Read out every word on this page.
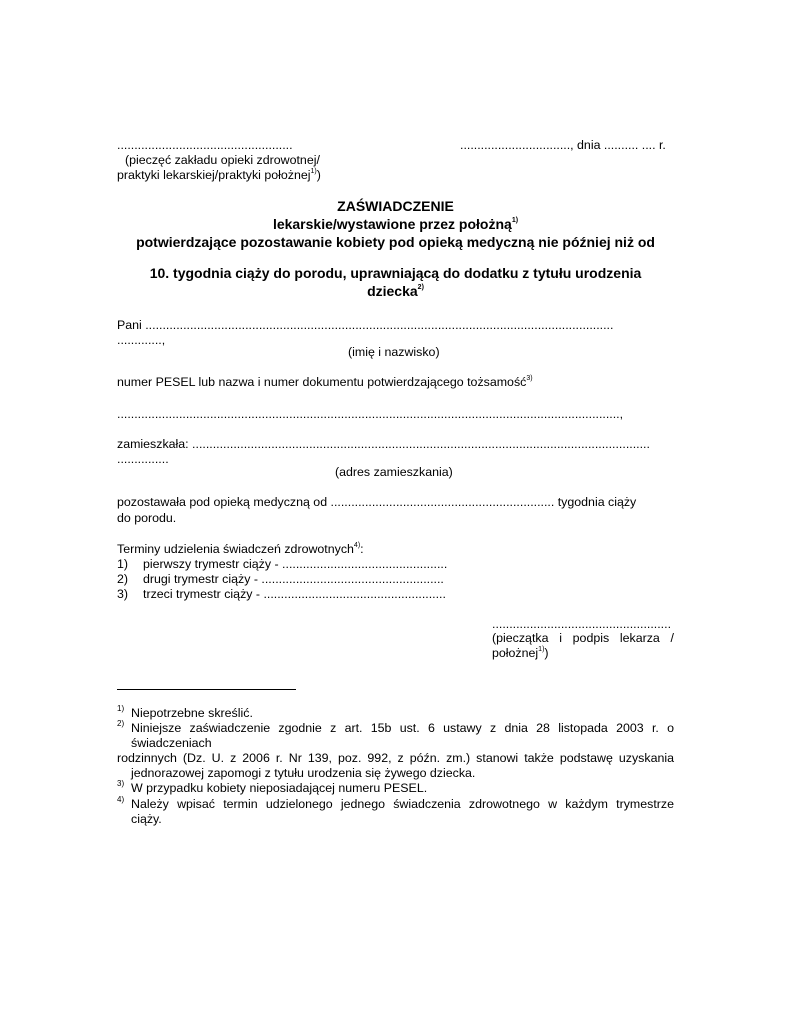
...................................................
(pieczęć zakładu opieki zdrowotnej/
praktyki lekarskiej/praktyki położnej$^{1)}$)
................................, dnia .......... .... r.
ZAŚWIADCZENIE
lekarskie/wystawione przez położną$^{1)}$
potwierdzające pozostawanie kobiety pod opieką medyczną nie później niż od
10. tygodnia ciąży do porodu, uprawniającą do dodatku z tytułu urodzenia
dziecka$^{2)}$
Pani ........................................................................................................................................
.............,
(imię i nazwisko)
numer PESEL lub nazwa i numer dokumentu potwierdzającego tożsamość$^{3)}$
..................................................................................................................................................,
zamieszkała: .....................................................................................................................................
...............
(adres zamieszkania)
pozostawała pod opieką medyczną od ................................................................. tygodnia ciąży
do porodu.
Terminy udzielenia świadczeń zdrowotnych$^{4)}$:
1) pierwszy trymestr ciąży - ................................................
2) drugi trymestr ciąży - .....................................................
3) trzeci trymestr ciąży - .....................................................
....................................................
(pieczątka i podpis lekarza /
położnej$^{1)}$)
1) Niepotrzebne skreślić.
2) Niniejsze zaświadczenie zgodnie z art. 15b ust. 6 ustawy z dnia 28 listopada 2003 r. o
świadczeniach
rodzinnych (Dz. U. z 2006 r. Nr 139, poz. 992, z późn. zm.) stanowi także podstawę uzyskania
jednorazowej zapomogi z tytułu urodzenia się żywego dziecka.
3) W przypadku kobiety nieposiadającej numeru PESEL.
4) Należy wpisać termin udzielonego jednego świadczenia zdrowotnego w każdym trymestrze
ciąży.
